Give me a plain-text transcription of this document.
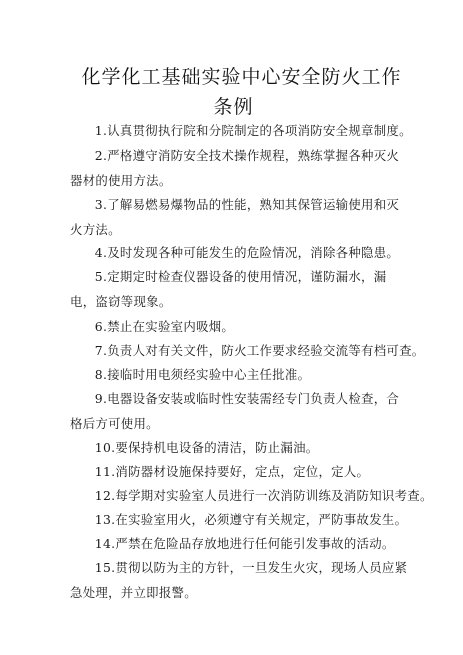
化学化工基础实验中心安全防火工作
条例

1.认真贯彻执行院和分院制定的各项消防安全规章制度。

2.严格遵守消防安全技术操作规程，熟练掌握各种灭火器材的使用方法。

3.了解易燃易爆物品的性能，熟知其保管运输使用和灭火方法。

4.及时发现各种可能发生的危险情况，消除各种隐患。

5.定期定时检查仪器设备的使用情况，谨防漏水，漏电，盗窃等现象。

6.禁止在实验室内吸烟。

7.负责人对有关文件，防火工作要求经验交流等有档可查。

8.接临时用电须经实验中心主任批准。

9.电器设备安装或临时性安装需经专门负责人检查，合格后方可使用。

10.要保持机电设备的清洁，防止漏油。

11.消防器材设施保持要好，定点，定位，定人。

12.每学期对实验室人员进行一次消防训练及消防知识考查。

13.在实验室用火，必须遵守有关规定，严防事故发生。

14.严禁在危险品存放地进行任何能引发事故的活动。

15.贯彻以防为主的方针，一旦发生火灾，现场人员应紧急处理，并立即报警。
